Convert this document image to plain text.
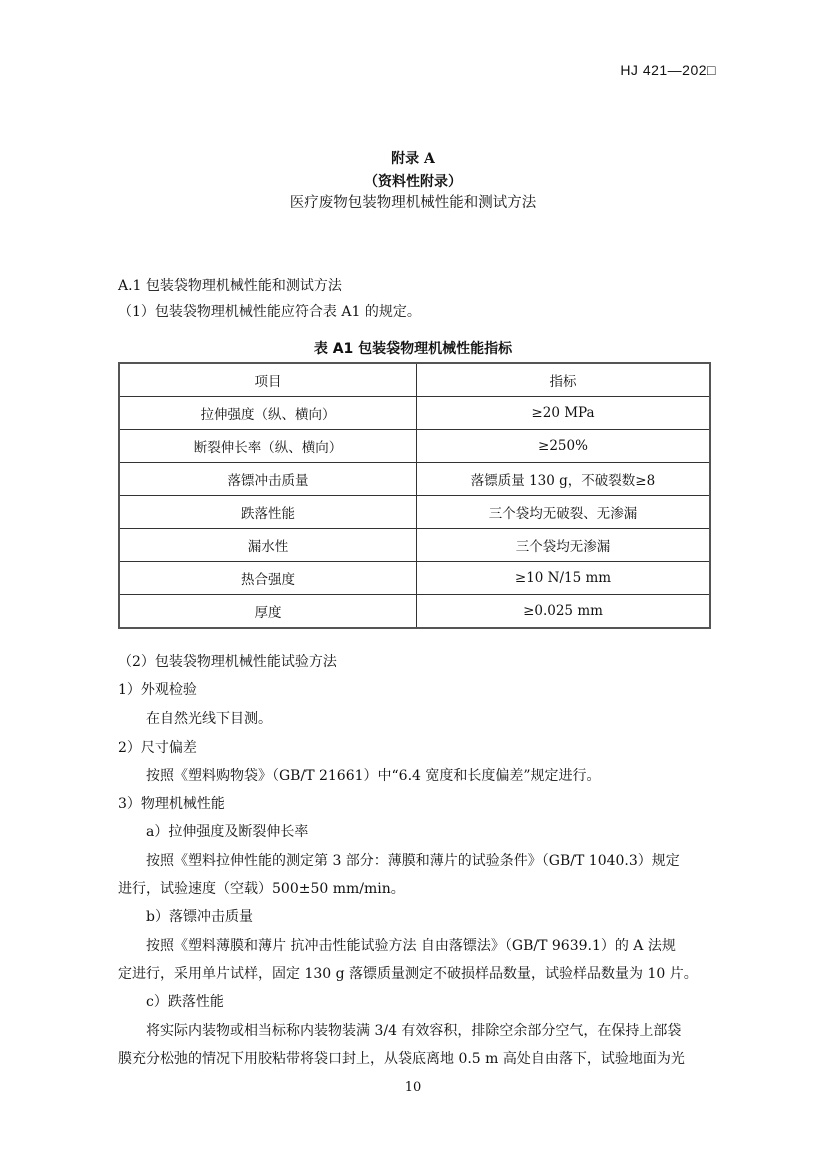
HJ 421—202□
附录 A
（资料性附录）
医疗废物包装物理机械性能和测试方法
A.1 包装袋物理机械性能和测试方法
（1）包装袋物理机械性能应符合表 A1 的规定。
表 A1 包装袋物理机械性能指标
项目	指标
拉伸强度（纵、横向）	≥20 MPa
断裂伸长率（纵、横向）	≥250%
落镖冲击质量	落镖质量 130 g，不破裂数≥8
跌落性能	三个袋均无破裂、无渗漏
漏水性	三个袋均无渗漏
热合强度	≥10 N/15 mm
厚度	≥0.025 mm
（2）包装袋物理机械性能试验方法
1）外观检验
在自然光线下目测。
2）尺寸偏差
按照《塑料购物袋》（GB/T 21661）中“6.4 宽度和长度偏差”规定进行。
3）物理机械性能
a）拉伸强度及断裂伸长率
按照《塑料拉伸性能的测定第 3 部分：薄膜和薄片的试验条件》（GB/T 1040.3）规定
进行，试验速度（空载）500±50 mm/min。
b）落镖冲击质量
按照《塑料薄膜和薄片 抗冲击性能试验方法 自由落镖法》（GB/T 9639.1）的 A 法规
定进行，采用单片试样，固定 130 g 落镖质量测定不破损样品数量，试验样品数量为 10 片。
c）跌落性能
将实际内装物或相当标称内装物装满 3/4 有效容积，排除空余部分空气，在保持上部袋
膜充分松弛的情况下用胶粘带将袋口封上，从袋底离地 0.5 m 高处自由落下，试验地面为光
10
